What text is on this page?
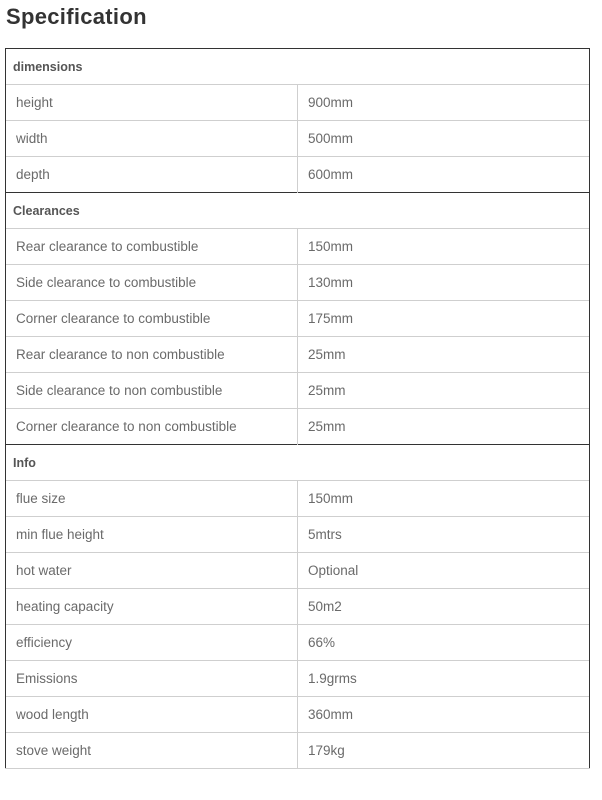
Specification
dimensions	
height	900mm
width	500mm
depth	600mm
Clearances	
Rear clearance to combustible	150mm
Side clearance to combustible	130mm
Corner clearance to combustible	175mm
Rear clearance to non combustible	25mm
Side clearance to non combustible	25mm
Corner clearance to non combustible	25mm
Info	
flue size	150mm
min flue height	5mtrs
hot water	Optional
heating capacity	50m2
efficiency	66%
Emissions	1.9grms
wood length	360mm
stove weight	179kg
